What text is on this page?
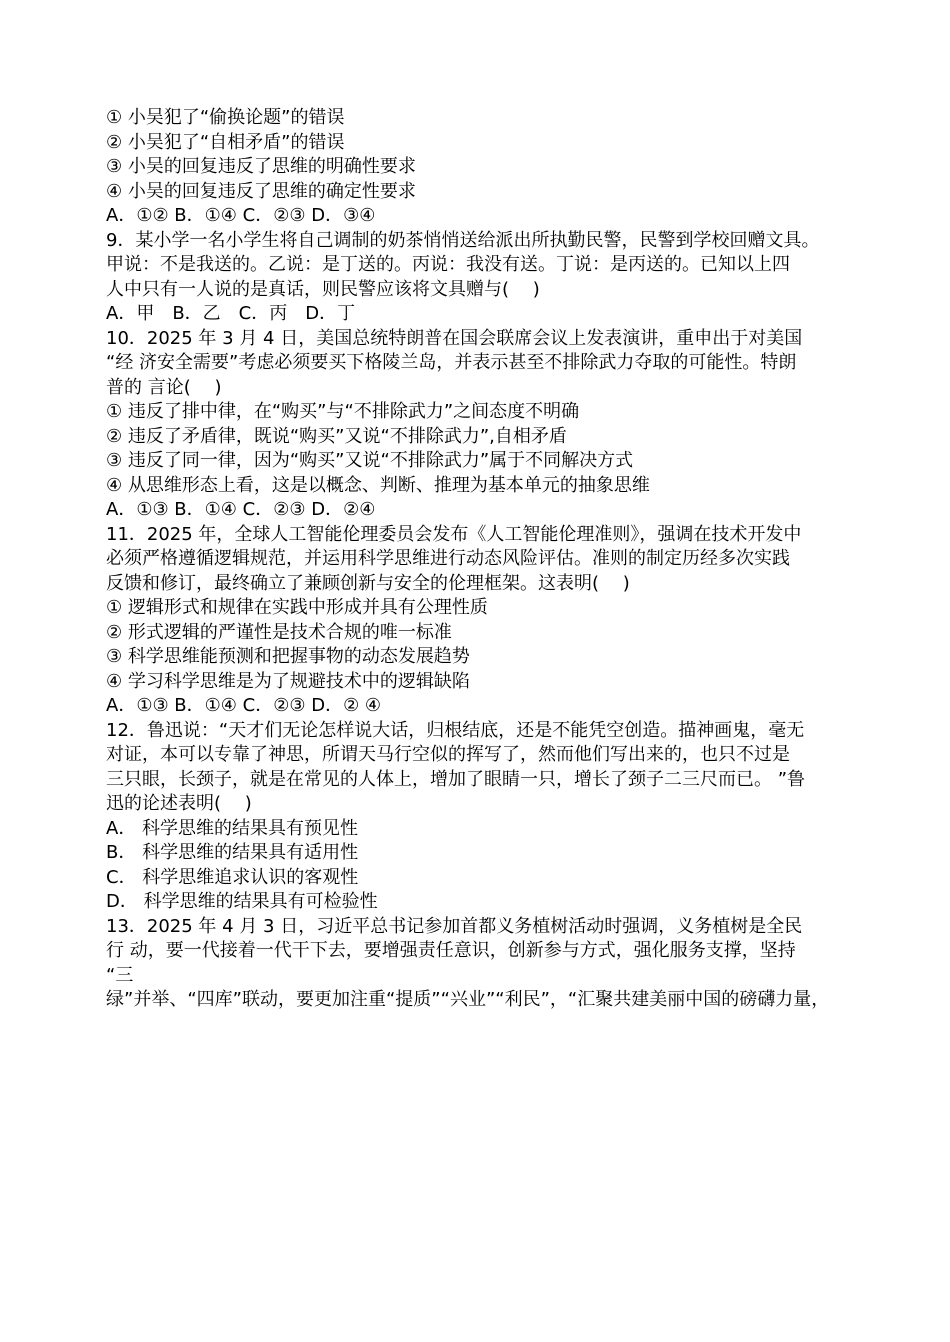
① 小吴犯了“偷换论题”的错误
② 小吴犯了“自相矛盾”的错误
③ 小吴的回复违反了思维的明确性要求
④ 小吴的回复违反了思维的确定性要求
A．①② B．①④ C．②③ D．③④
9．某小学一名小学生将自己调制的奶茶悄悄送给派出所执勤民警，民警到学校回赠文具。
甲说：不是我送的。乙说：是丁送的。丙说：我没有送。丁说：是丙送的。已知以上四
人中只有一人说的是真话，则民警应该将文具赠与(　 )
A．甲　B．乙　C．丙　D．丁
10．2025 年 3 月 4 日，美国总统特朗普在国会联席会议上发表演讲，重申出于对美国
“经 济安全需要”考虑必须要买下格陵兰岛，并表示甚至不排除武力夺取的可能性。特朗
普的 言论(　 )
① 违反了排中律，在“购买”与“不排除武力”之间态度不明确
② 违反了矛盾律，既说“购买”又说“不排除武力”,自相矛盾
③ 违反了同一律，因为“购买”又说“不排除武力”属于不同解决方式
④ 从思维形态上看，这是以概念、判断、推理为基本单元的抽象思维
A．①③ B．①④ C．②③ D．②④
11．2025 年，全球人工智能伦理委员会发布《人工智能伦理准则》，强调在技术开发中
必须严格遵循逻辑规范，并运用科学思维进行动态风险评估。准则的制定历经多次实践
反馈和修订，最终确立了兼顾创新与安全的伦理框架。这表明(　 )
① 逻辑形式和规律在实践中形成并具有公理性质
② 形式逻辑的严谨性是技术合规的唯一标准
③ 科学思维能预测和把握事物的动态发展趋势
④ 学习科学思维是为了规避技术中的逻辑缺陷
A．①③ B．①④ C．②③ D．② ④
12．鲁迅说：“天才们无论怎样说大话，归根结底，还是不能凭空创造。描神画鬼，毫无
对证，本可以专靠了神思，所谓天马行空似的挥写了，然而他们写出来的，也只不过是
三只眼，长颈子，就是在常见的人体上，增加了眼睛一只，增长了颈子二三尺而已。 ”鲁
迅的论述表明(　 )
A． 科学思维的结果具有预见性
B． 科学思维的结果具有适用性
C． 科学思维追求认识的客观性
D． 科学思维的结果具有可检验性
13．2025 年 4 月 3 日，习近平总书记参加首都义务植树活动时强调，义务植树是全民
行 动，要一代接着一代干下去，要增强责任意识，创新参与方式，强化服务支撑，坚持
“三
绿”并举、“四库”联动，要更加注重“提质”“兴业”“利民”，“汇聚共建美丽中国的磅礴力量，
